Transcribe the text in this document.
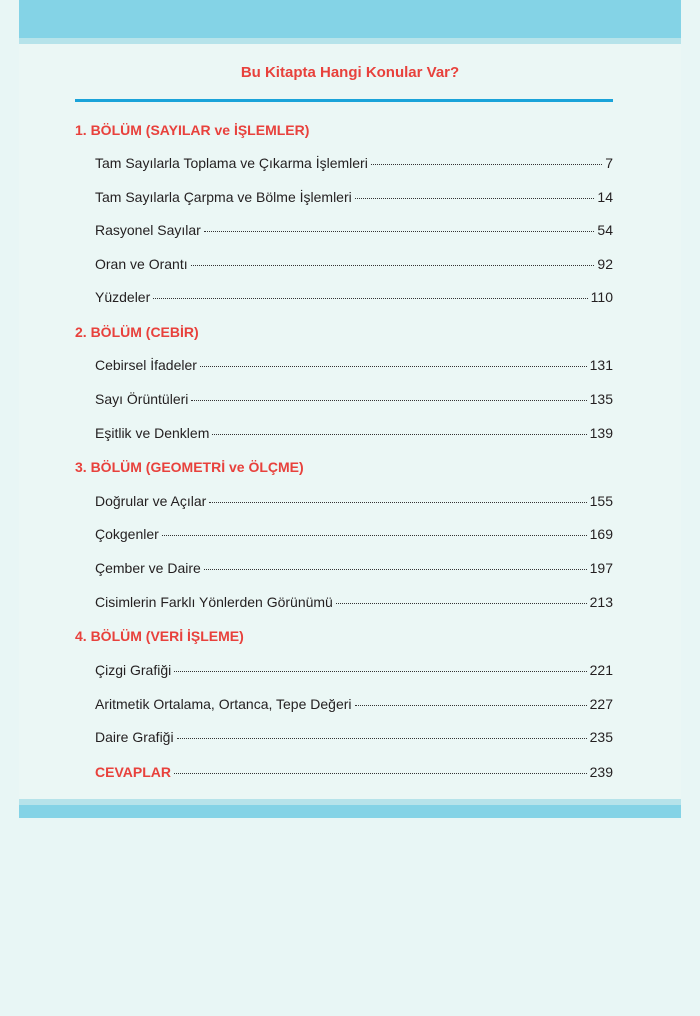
Bu Kitapta Hangi Konular Var?
1. BÖLÜM (SAYILAR ve İŞLEMLER)
Tam Sayılarla Toplama ve Çıkarma İşlemleri	7
Tam Sayılarla Çarpma ve Bölme İşlemleri	14
Rasyonel Sayılar	54
Oran ve Orantı	92
Yüzdeler	110
2. BÖLÜM (CEBİR)
Cebirsel İfadeler	131
Sayı Örüntüleri	135
Eşitlik ve Denklem	139
3. BÖLÜM (GEOMETRİ ve ÖLÇME)
Doğrular ve Açılar	155
Çokgenler	169
Çember ve Daire	197
Cisimlerin Farklı Yönlerden Görünümü	213
4. BÖLÜM (VERİ İŞLEME)
Çizgi Grafiği	221
Aritmetik Ortalama, Ortanca, Tepe Değeri	227
Daire Grafiği	235
CEVAPLAR	239
